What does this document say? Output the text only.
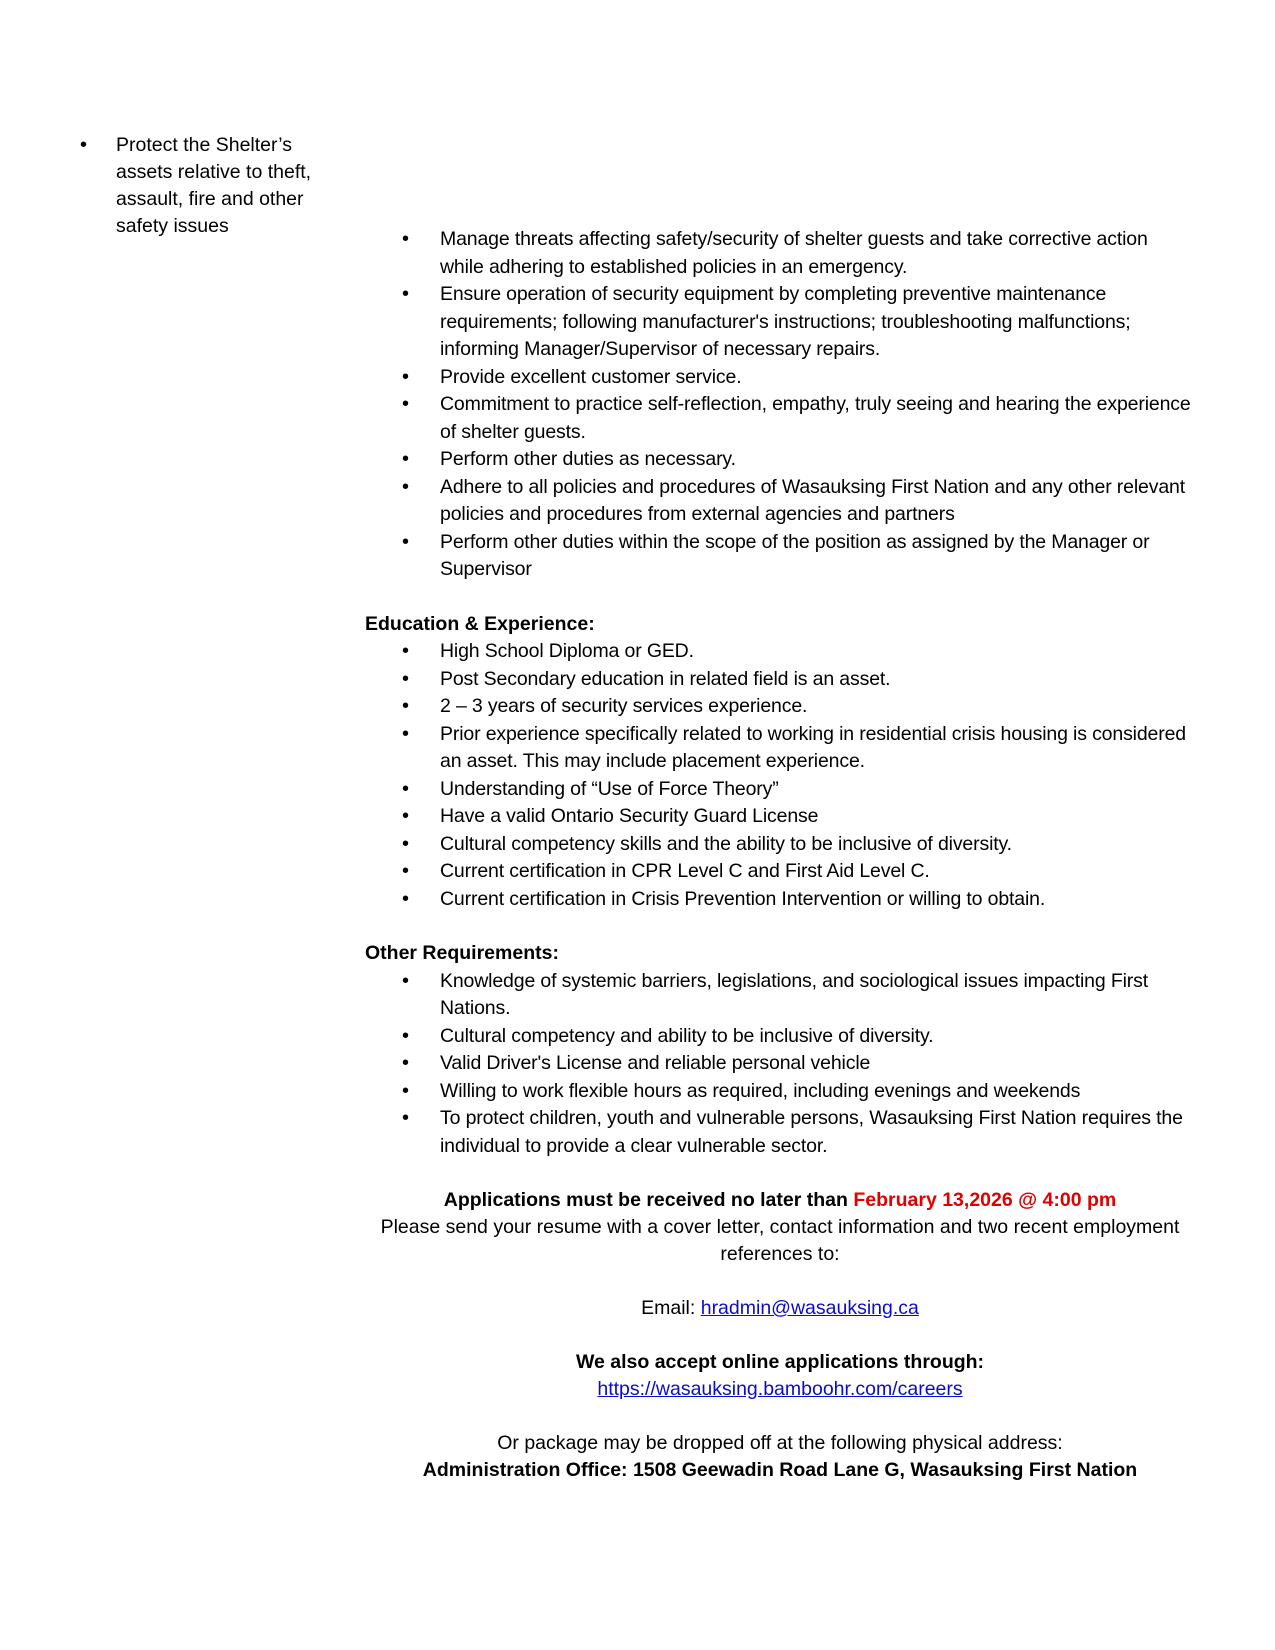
•	Protect the Shelter’s assets relative to theft, assault, fire and other safety issues
•	Manage threats affecting safety/security of shelter guests and take corrective action while adhering to established policies in an emergency.
•	Ensure operation of security equipment by completing preventive maintenance requirements; following manufacturer's instructions; troubleshooting malfunctions; informing Manager/Supervisor of necessary repairs.
•	Provide excellent customer service.
•	Commitment to practice self-reflection, empathy, truly seeing and hearing the experience of shelter guests.
•	Perform other duties as necessary.
•	Adhere to all policies and procedures of Wasauksing First Nation and any other relevant policies and procedures from external agencies and partners
•	Perform other duties within the scope of the position as assigned by the Manager or Supervisor

Education & Experience:

•	High School Diploma or GED.
•	Post Secondary education in related field is an asset.
•	2 – 3 years of security services experience.
•	Prior experience specifically related to working in residential crisis housing is considered an asset. This may include placement experience.
•	Understanding of “Use of Force Theory”
•	Have a valid Ontario Security Guard License
•	Cultural competency skills and the ability to be inclusive of diversity.
•	Current certification in CPR Level C and First Aid Level C.
•	Current certification in Crisis Prevention Intervention or willing to obtain.

Other Requirements:

•	Knowledge of systemic barriers, legislations, and sociological issues impacting First Nations.
•	Cultural competency and ability to be inclusive of diversity.
•	Valid Driver's License and reliable personal vehicle
•	Willing to work flexible hours as required, including evenings and weekends
•	To protect children, youth and vulnerable persons, Wasauksing First Nation requires the individual to provide a clear vulnerable sector.
Applications must be received no later than February 13,2026 @ 4:00 pm
Please send your resume with a cover letter, contact information and two recent employment references to:
Email: hradmin@wasauksing.ca
We also accept online applications through:
https://wasauksing.bamboohr.com/careers
Or package may be dropped off at the following physical address:
Administration Office: 1508 Geewadin Road Lane G, Wasauksing First Nation
